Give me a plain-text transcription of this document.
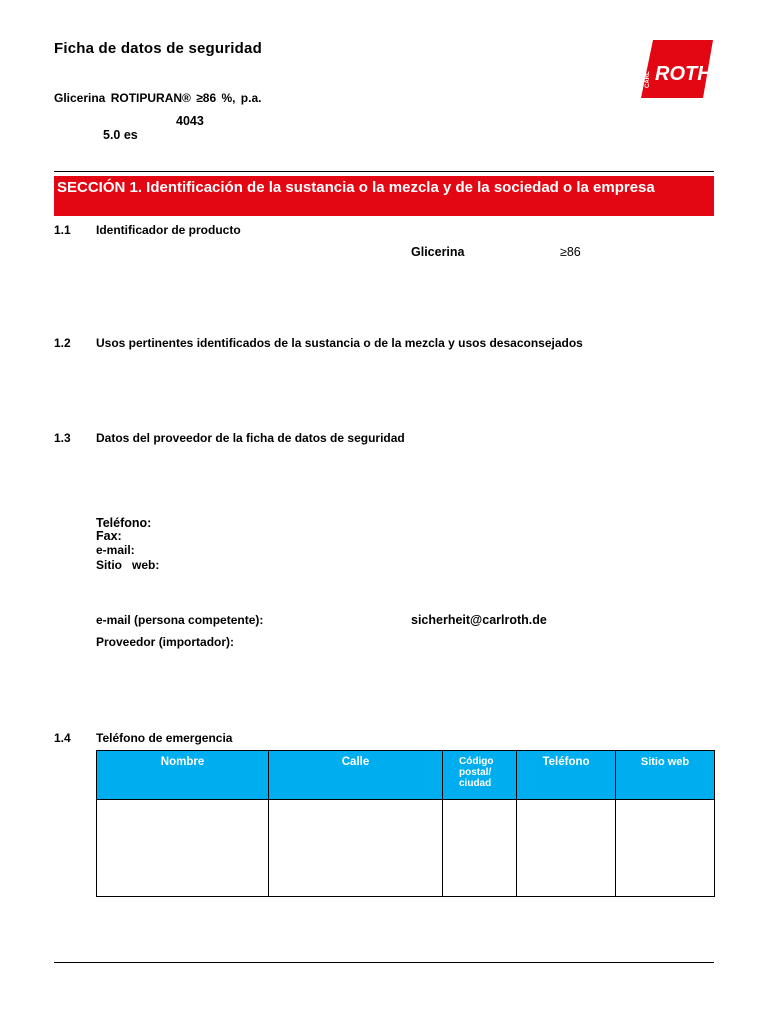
Ficha de datos de seguridad
Glicerina ROTIPURAN® ≥86 %, p.a.
4043
5.0 es
CARL ROTH
®
SECCIÓN 1. Identificación de la sustancia o la mezcla y de la sociedad o la empresa
1.1 Identificador de producto
Glicerina	≥86
1.2 Usos pertinentes identificados de la sustancia o de la mezcla y usos desaconsejados
1.3 Datos del proveedor de la ficha de datos de seguridad
Teléfono:
Fax:
e-mail:
Sitio   web:
e-mail (persona competente):	sicherheit@carlroth.de
Proveedor (importador):
1.4 Teléfono de emergencia
Nombre	Calle	Código postal/ ciudad	Teléfono	Sitio web
